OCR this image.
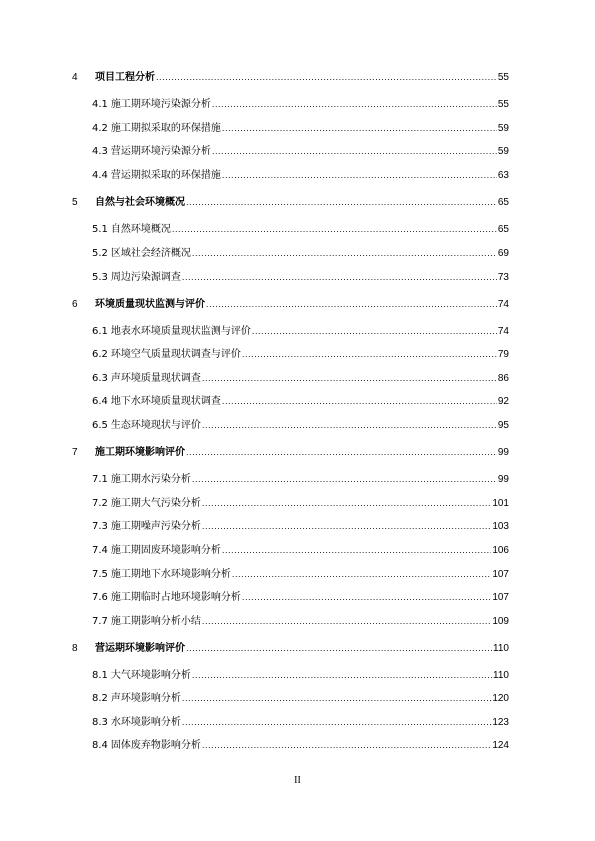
4	项目工程分析 .....	55
4.1 施工期环境污染源分析 .....	55
4.2 施工期拟采取的环保措施 .....	59
4.3 营运期环境污染源分析 .....	59
4.4 营运期拟采取的环保措施 .....	63
5	自然与社会环境概况 .....	65
5.1 自然环境概况 .....	65
5.2 区域社会经济概况 .....	69
5.3 周边污染源调查 .....	73
6	环境质量现状监测与评价 .....	74
6.1 地表水环境质量现状监测与评价 .....	74
6.2 环境空气质量现状调查与评价 .....	79
6.3 声环境质量现状调查 .....	86
6.4 地下水环境质量现状调查 .....	92
6.5 生态环境现状与评价 .....	95
7	施工期环境影响评价 .....	99
7.1 施工期水污染分析 .....	99
7.2 施工期大气污染分析 .....	101
7.3 施工期噪声污染分析 .....	103
7.4 施工期固废环境影响分析 .....	106
7.5 施工期地下水环境影响分析 .....	107
7.6 施工期临时占地环境影响分析 .....	107
7.7 施工期影响分析小结 .....	109
8	营运期环境影响评价 .....	110
8.1 大气环境影响分析 .....	110
8.2 声环境影响分析 .....	120
8.3 水环境影响分析 .....	123
8.4 固体废弃物影响分析 .....	124
II
